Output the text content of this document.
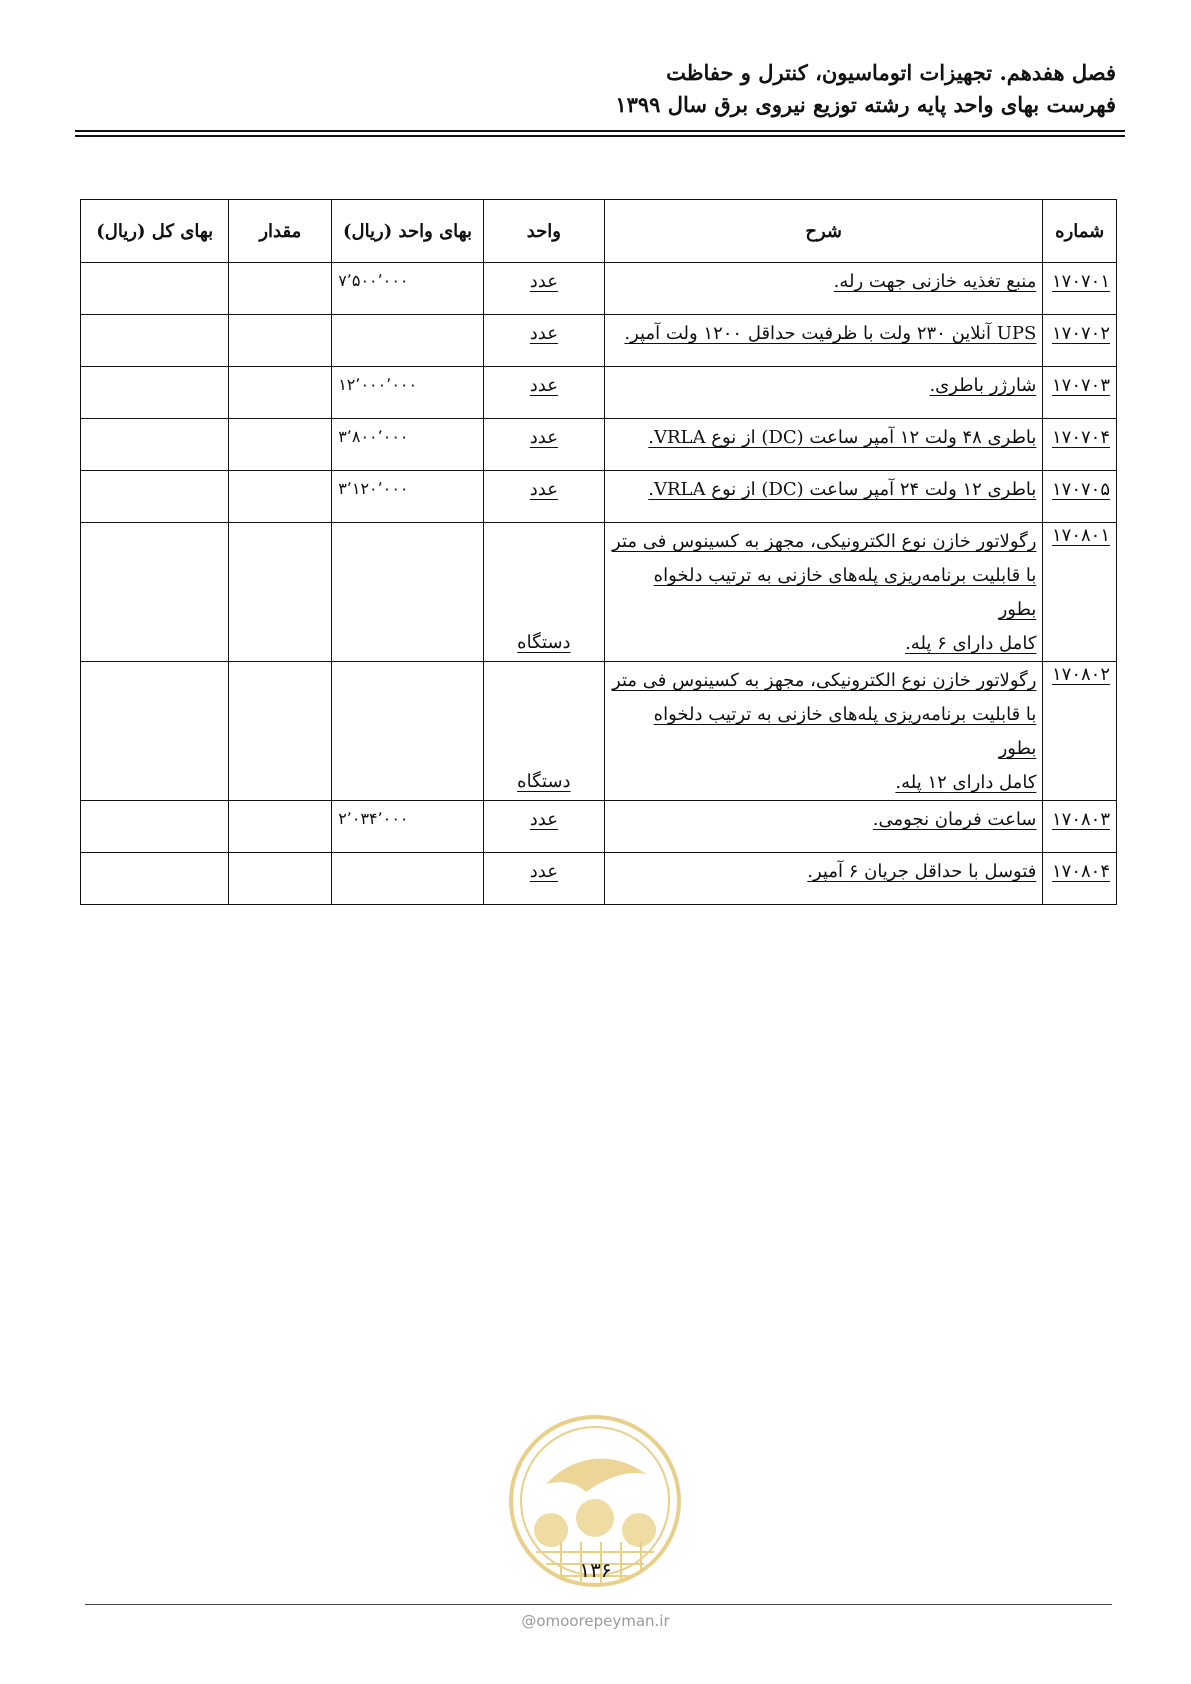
فصل هفدهم. تجهیزات اتوماسیون، کنترل و حفاظت
فهرست بهای واحد پایه رشته توزیع نیروی برق سال ۱۳۹۹
شماره	شرح	واحد	بهای واحد (ریال)	مقدار	بهای کل (ریال)
۱۷۰۷۰۱	منبع تغذیه خازنی جهت رله.	عدد	۷٬۵۰۰٬۰۰۰		
۱۷۰۷۰۲	UPS آنلاین ۲۳۰ ولت با ظرفیت حداقل ۱۲۰۰ ولت آمپر.	عدد			
۱۷۰۷۰۳	شارژر باطری.	عدد	۱۲٬۰۰۰٬۰۰۰		
۱۷۰۷۰۴	باطری ۴۸ ولت ۱۲ آمپر ساعت (DC) از نوع VRLA.	عدد	۳٬۸۰۰٬۰۰۰		
۱۷۰۷۰۵	باطری ۱۲ ولت ۲۴ آمپر ساعت (DC) از نوع VRLA.	عدد	۳٬۱۲۰٬۰۰۰		
۱۷۰۸۰۱	رگولاتور خازن نوع الکترونیکی، مجهز به کسینوس فی متر
با قابلیت برنامه‌ریزی پله‌های خازنی به ترتیب دلخواه بطور
کامل دارای ۶ پله.	دستگاه			
۱۷۰۸۰۲	رگولاتور خازن نوع الکترونیکی، مجهز به کسینوس فی متر
با قابلیت برنامه‌ریزی پله‌های خازنی به ترتیب دلخواه بطور
کامل دارای ۱۲ پله.	دستگاه			
۱۷۰۸۰۳	ساعت فرمان نجومی.	عدد	۲٬۰۳۴٬۰۰۰		
۱۷۰۸۰۴	فتوسل با حداقل جریان ۶ آمپر.	عدد			
۱۳۶
@omoorepeyman.ir
